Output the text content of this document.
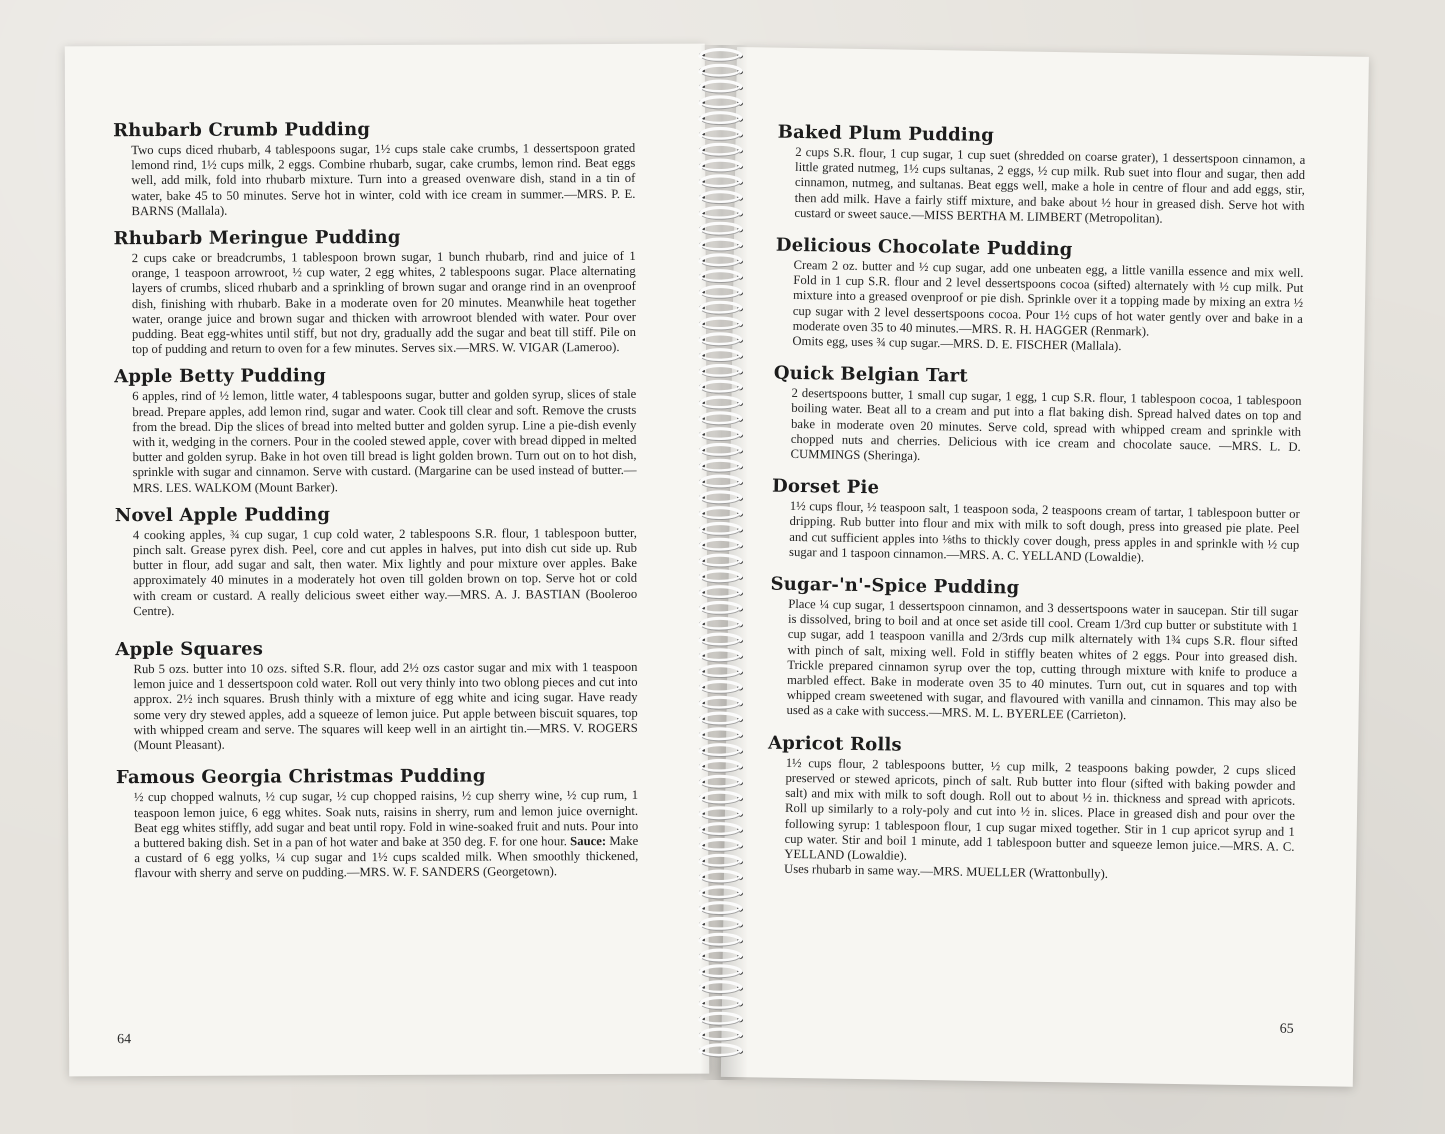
Rhubarb Crumb Pudding
Two cups diced rhubarb, 4 tablespoons sugar, 1½ cups stale cake crumbs, 1 dessertspoon grated lemond rind, 1½ cups milk, 2 eggs. Combine rhubarb, sugar, cake crumbs, lemon rind. Beat eggs well, add milk, fold into rhubarb mixture. Turn into a greased ovenware dish, stand in a tin of water, bake 45 to 50 minutes. Serve hot in winter, cold with ice cream in summer.—MRS. P. E. BARNS (Mallala).
Rhubarb Meringue Pudding
2 cups cake or breadcrumbs, 1 tablespoon brown sugar, 1 bunch rhubarb, rind and juice of 1 orange, 1 teaspoon arrowroot, ½ cup water, 2 egg whites, 2 tablespoons sugar. Place alternating layers of crumbs, sliced rhubarb and a sprinkling of brown sugar and orange rind in an ovenproof dish, finishing with rhubarb. Bake in a moderate oven for 20 minutes. Meanwhile heat together water, orange juice and brown sugar and thicken with arrowroot blended with water. Pour over pudding. Beat egg-whites until stiff, but not dry, gradually add the sugar and beat till stiff. Pile on top of pudding and return to oven for a few minutes. Serves six.—MRS. W. VIGAR (Lameroo).
Apple Betty Pudding
6 apples, rind of ½ lemon, little water, 4 tablespoons sugar, butter and golden syrup, slices of stale bread. Prepare apples, add lemon rind, sugar and water. Cook till clear and soft. Remove the crusts from the bread. Dip the slices of bread into melted butter and golden syrup. Line a pie-dish evenly with it, wedging in the corners. Pour in the cooled stewed apple, cover with bread dipped in melted butter and golden syrup. Bake in hot oven till bread is light golden brown. Turn out on to hot dish, sprinkle with sugar and cinnamon. Serve with custard. (Margarine can be used instead of butter.—MRS. LES. WALKOM (Mount Barker).
Novel Apple Pudding
4 cooking apples, ¾ cup sugar, 1 cup cold water, 2 tablespoons S.R. flour, 1 tablespoon butter, pinch salt. Grease pyrex dish. Peel, core and cut apples in halves, put into dish cut side up. Rub butter in flour, add sugar and salt, then water. Mix lightly and pour mixture over apples. Bake approximately 40 minutes in a moderately hot oven till golden brown on top. Serve hot or cold with cream or custard. A really delicious sweet either way.—MRS. A. J. BASTIAN (Booleroo Centre).
Apple Squares
Rub 5 ozs. butter into 10 ozs. sifted S.R. flour, add 2½ ozs castor sugar and mix with 1 teaspoon lemon juice and 1 dessertspoon cold water. Roll out very thinly into two oblong pieces and cut into approx. 2½ inch squares. Brush thinly with a mixture of egg white and icing sugar. Have ready some very dry stewed apples, add a squeeze of lemon juice. Put apple between biscuit squares, top with whipped cream and serve. The squares will keep well in an airtight tin.—MRS. V. ROGERS (Mount Pleasant).
Famous Georgia Christmas Pudding
½ cup chopped walnuts, ½ cup sugar, ½ cup chopped raisins, ½ cup sherry wine, ½ cup rum, 1 teaspoon lemon juice, 6 egg whites. Soak nuts, raisins in sherry, rum and lemon juice overnight. Beat egg whites stiffly, add sugar and beat until ropy. Fold in wine-soaked fruit and nuts. Pour into a buttered baking dish. Set in a pan of hot water and bake at 350 deg. F. for one hour. Sauce: Make a custard of 6 egg yolks, ¼ cup sugar and 1½ cups scalded milk. When smoothly thickened, flavour with sherry and serve on pudding.—MRS. W. F. SANDERS (Georgetown).
64
Baked Plum Pudding
2 cups S.R. flour, 1 cup sugar, 1 cup suet (shredded on coarse grater), 1 dessertspoon cinnamon, a little grated nutmeg, 1½ cups sultanas, 2 eggs, ½ cup milk. Rub suet into flour and sugar, then add cinnamon, nutmeg, and sultanas. Beat eggs well, make a hole in centre of flour and add eggs, stir, then add milk. Have a fairly stiff mixture, and bake about ½ hour in greased dish. Serve hot with custard or sweet sauce.—MISS BERTHA M. LIMBERT (Metropolitan).
Delicious Chocolate Pudding
Cream 2 oz. butter and ½ cup sugar, add one unbeaten egg, a little vanilla essence and mix well. Fold in 1 cup S.R. flour and 2 level dessertspoons cocoa (sifted) alternately with ½ cup milk. Put mixture into a greased ovenproof or pie dish. Sprinkle over it a topping made by mixing an extra ½ cup sugar with 2 level dessertspoons cocoa. Pour 1½ cups of hot water gently over and bake in a moderate oven 35 to 40 minutes.—MRS. R. H. HAGGER (Renmark).
Omits egg, uses ¾ cup sugar.—MRS. D. E. FISCHER (Mallala).
Quick Belgian Tart
2 desertspoons butter, 1 small cup sugar, 1 egg, 1 cup S.R. flour, 1 tablespoon cocoa, 1 tablespoon boiling water. Beat all to a cream and put into a flat baking dish. Spread halved dates on top and bake in moderate oven 20 minutes. Serve cold, spread with whipped cream and sprinkle with chopped nuts and cherries. Delicious with ice cream and chocolate sauce. —MRS. L. D. CUMMINGS (Sheringa).
Dorset Pie
1½ cups flour, ½ teaspoon salt, 1 teaspoon soda, 2 teaspoons cream of tartar, 1 tablespoon butter or dripping. Rub butter into flour and mix with milk to soft dough, press into greased pie plate. Peel and cut sufficient apples into ⅛ths to thickly cover dough, press apples in and sprinkle with ½ cup sugar and 1 taspoon cinnamon.—MRS. A. C. YELLAND (Lowaldie).
Sugar-'n'-Spice Pudding
Place ¼ cup sugar, 1 dessertspoon cinnamon, and 3 dessertspoons water in saucepan. Stir till sugar is dissolved, bring to boil and at once set aside till cool. Cream 1/3rd cup butter or substitute with 1 cup sugar, add 1 teaspoon vanilla and 2/3rds cup milk alternately with 1¾ cups S.R. flour sifted with pinch of salt, mixing well. Fold in stiffly beaten whites of 2 eggs. Pour into greased dish. Trickle prepared cinnamon syrup over the top, cutting through mixture with knife to produce a marbled effect. Bake in moderate oven 35 to 40 minutes. Turn out, cut in squares and top with whipped cream sweetened with sugar, and flavoured with vanilla and cinnamon. This may also be used as a cake with success.—MRS. M. L. BYERLEE (Carrieton).
Apricot Rolls
1½ cups flour, 2 tablespoons butter, ½ cup milk, 2 teaspoons baking powder, 2 cups sliced preserved or stewed apricots, pinch of salt. Rub butter into flour (sifted with baking powder and salt) and mix with milk to soft dough. Roll out to about ½ in. thickness and spread with apricots. Roll up similarly to a roly-poly and cut into ½ in. slices. Place in greased dish and pour over the following syrup: 1 tablespoon flour, 1 cup sugar mixed together. Stir in 1 cup apricot syrup and 1 cup water. Stir and boil 1 minute, add 1 tablespoon butter and squeeze lemon juice.—MRS. A. C. YELLAND (Lowaldie).
Uses rhubarb in same way.—MRS. MUELLER (Wrattonbully).
65
